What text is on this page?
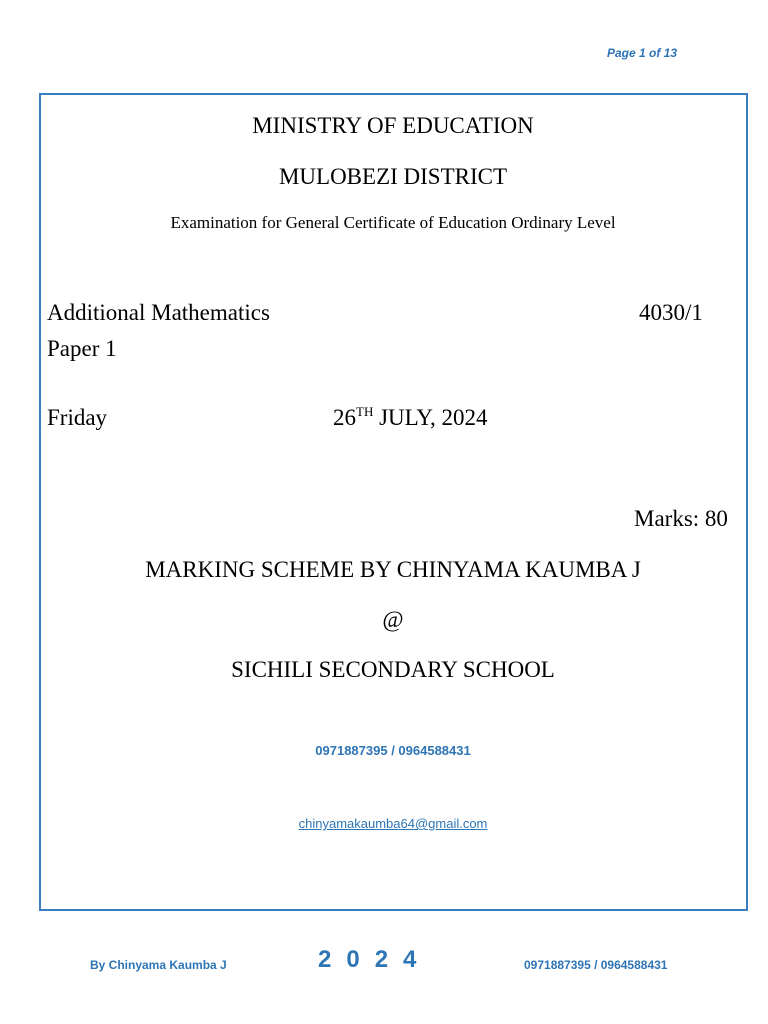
Page 1 of 13
MINISTRY OF EDUCATION
MULOBEZI DISTRICT
Examination for General Certificate of Education Ordinary Level
Additional Mathematics	4030/1
Paper 1
Friday	26TH JULY, 2024
Marks: 80
MARKING SCHEME BY CHINYAMA KAUMBA J
@
SICHILI SECONDARY SCHOOL
0971887395 / 0964588431
chinyamakaumba64@gmail.com
By Chinyama Kaumba J	2024	0971887395 / 0964588431
